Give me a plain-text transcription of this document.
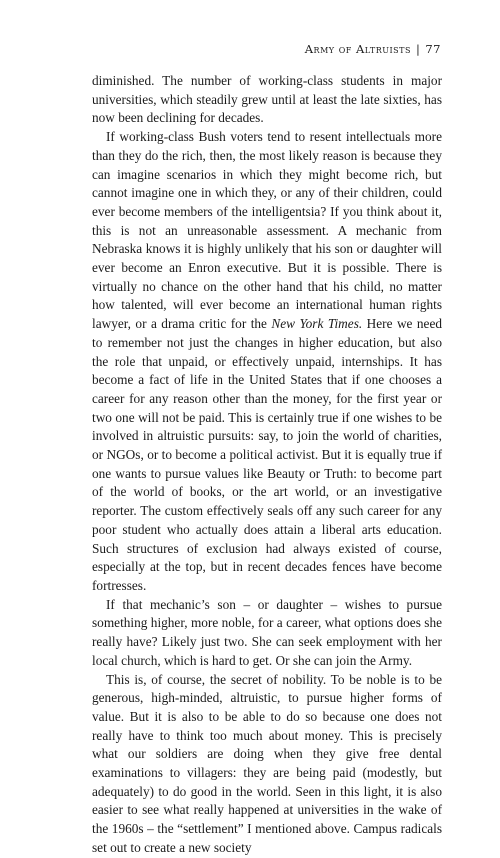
Army of Altruists | 77

diminished. The number of working-class students in major universities, which steadily grew until at least the late sixties, has now been declining for decades.

If working-class Bush voters tend to resent intellectuals more than they do the rich, then, the most likely reason is because they can imagine scenarios in which they might become rich, but cannot imagine one in which they, or any of their children, could ever become members of the intelligentsia? If you think about it, this is not an unreasonable assessment. A mechanic from Nebraska knows it is highly unlikely that his son or daughter will ever become an Enron executive. But it is possible. There is virtually no chance on the other hand that his child, no matter how talented, will ever become an international human rights lawyer, or a drama critic for the New York Times. Here we need to remember not just the changes in higher education, but also the role that unpaid, or effectively unpaid, internships. It has become a fact of life in the United States that if one chooses a career for any reason other than the money, for the first year or two one will not be paid. This is certainly true if one wishes to be involved in altruistic pursuits: say, to join the world of charities, or NGOs, or to become a political activist. But it is equally true if one wants to pursue values like Beauty or Truth: to become part of the world of books, or the art world, or an investigative reporter. The custom effectively seals off any such career for any poor student who actually does attain a liberal arts education. Such structures of exclusion had always existed of course, especially at the top, but in recent decades fences have become fortresses.

If that mechanic’s son – or daughter – wishes to pursue something higher, more noble, for a career, what options does she really have? Likely just two. She can seek employment with her local church, which is hard to get. Or she can join the Army.

This is, of course, the secret of nobility. To be noble is to be generous, high-minded, altruistic, to pursue higher forms of value. But it is also to be able to do so because one does not really have to think too much about money. This is precisely what our soldiers are doing when they give free dental examinations to villagers: they are being paid (modestly, but adequately) to do good in the world. Seen in this light, it is also easier to see what really happened at universities in the wake of the 1960s – the “settlement” I mentioned above. Campus radicals set out to create a new society
